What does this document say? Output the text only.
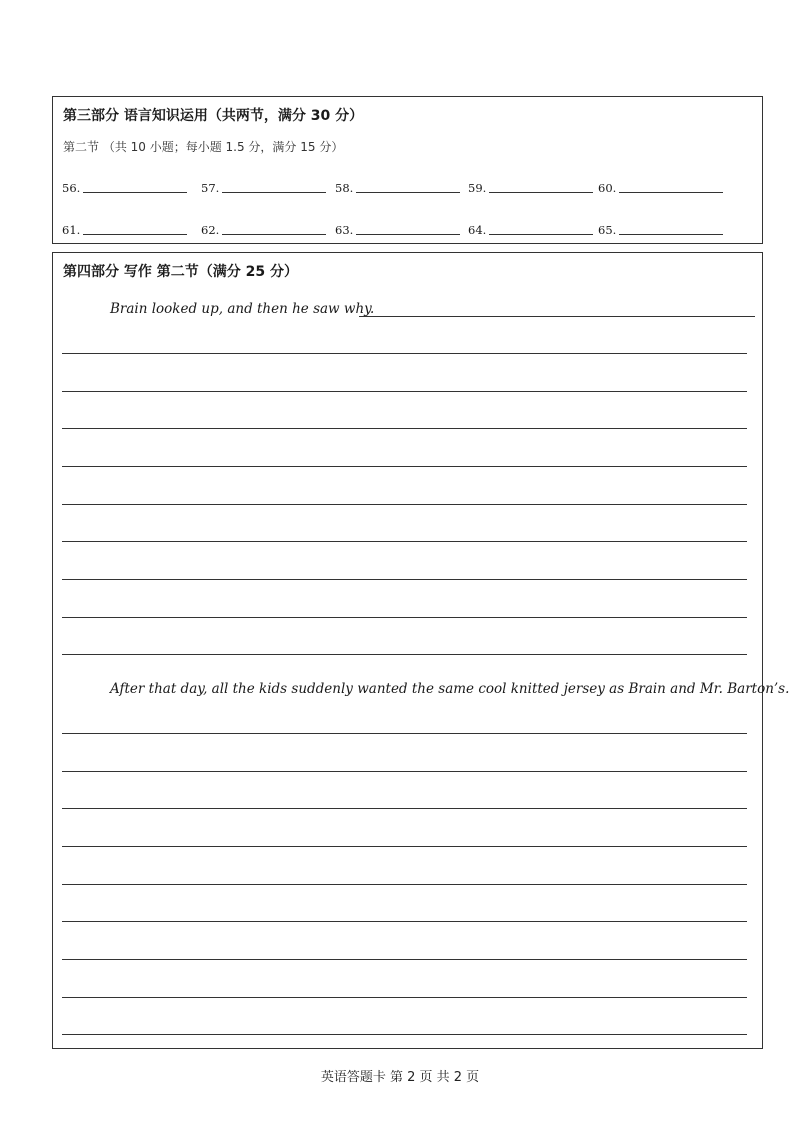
第三部分 语言知识运用（共两节，满分 30 分）
第二节 （共 10 小题；每小题 1.5 分，满分 15 分）
56.	57.	58.	59.	60.
61.	62.	63.	64.	65.
第四部分 写作 第二节（满分 25 分）
Brain looked up, and then he saw why.
After that day, all the kids suddenly wanted the same cool knitted jersey as Brain and Mr. Barton’s.
英语答题卡 第 2 页 共 2 页
